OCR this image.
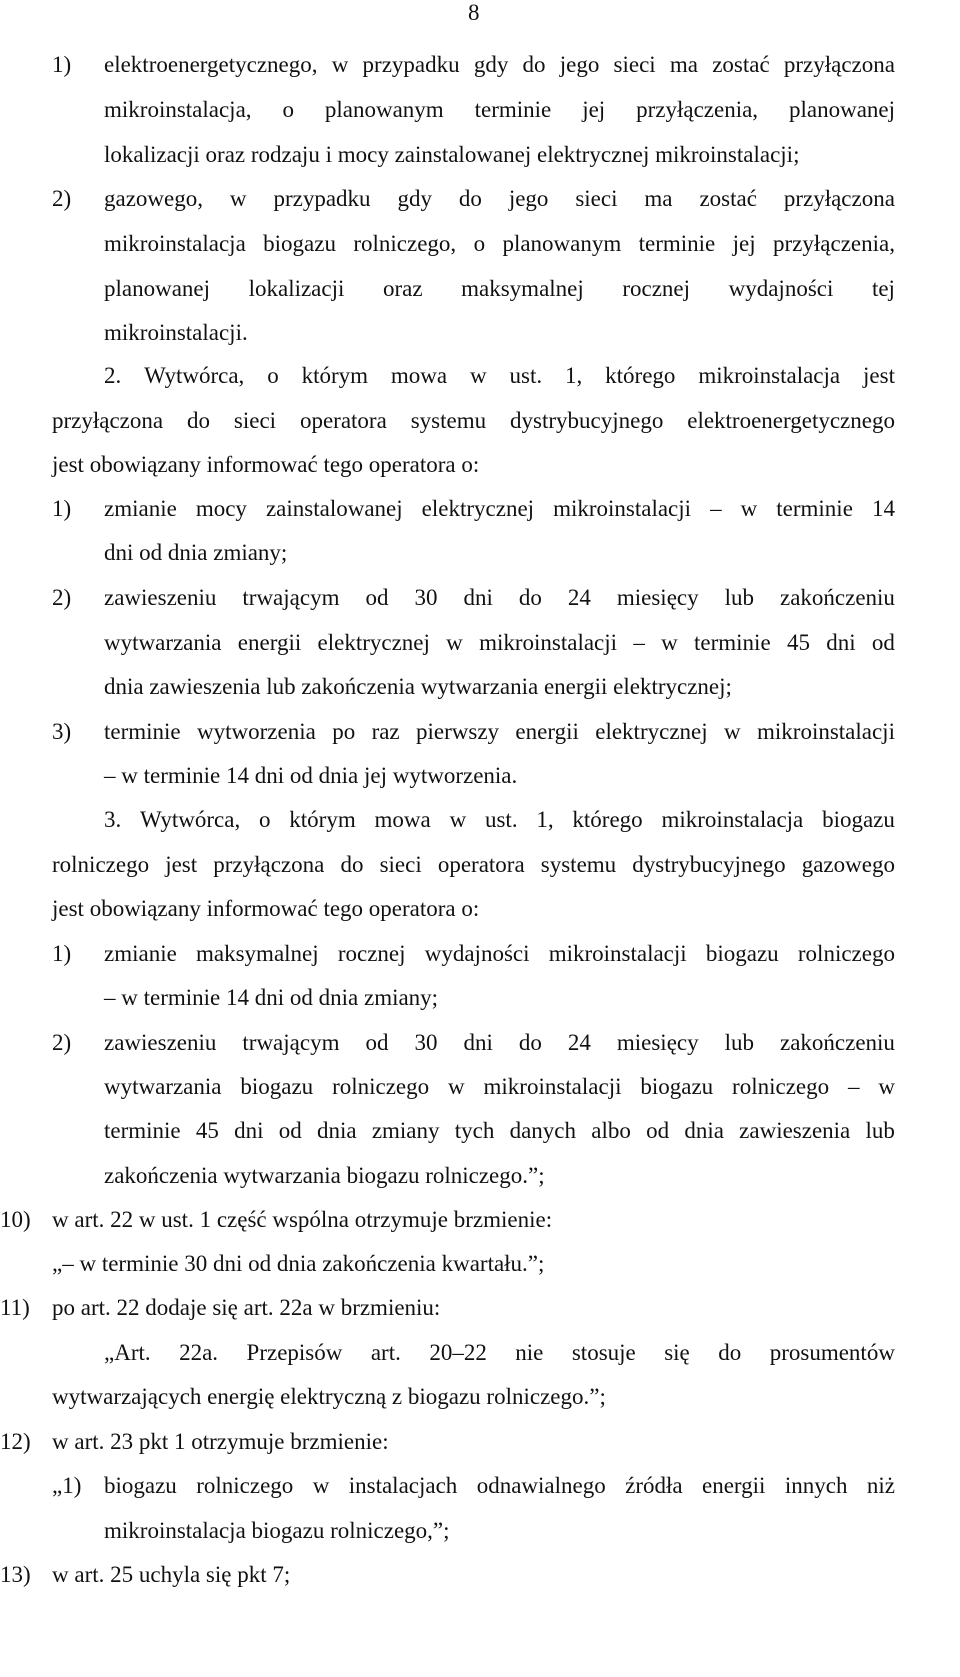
8
1) elektroenergetycznego, w przypadku gdy do jego sieci ma zostać przyłączona
mikroinstalacja, o planowanym terminie jej przyłączenia, planowanej
lokalizacji oraz rodzaju i mocy zainstalowanej elektrycznej mikroinstalacji;
2) gazowego, w przypadku gdy do jego sieci ma zostać przyłączona
mikroinstalacja biogazu rolniczego, o planowanym terminie jej przyłączenia,
planowanej lokalizacji oraz maksymalnej rocznej wydajności tej
mikroinstalacji.
2. Wytwórca, o którym mowa w ust. 1, którego mikroinstalacja jest
przyłączona do sieci operatora systemu dystrybucyjnego elektroenergetycznego
jest obowiązany informować tego operatora o:
1) zmianie mocy zainstalowanej elektrycznej mikroinstalacji – w terminie 14
dni od dnia zmiany;
2) zawieszeniu trwającym od 30 dni do 24 miesięcy lub zakończeniu
wytwarzania energii elektrycznej w mikroinstalacji – w terminie 45 dni od
dnia zawieszenia lub zakończenia wytwarzania energii elektrycznej;
3) terminie wytworzenia po raz pierwszy energii elektrycznej w mikroinstalacji
– w terminie 14 dni od dnia jej wytworzenia.
3. Wytwórca, o którym mowa w ust. 1, którego mikroinstalacja biogazu
rolniczego jest przyłączona do sieci operatora systemu dystrybucyjnego gazowego
jest obowiązany informować tego operatora o:
1) zmianie maksymalnej rocznej wydajności mikroinstalacji biogazu rolniczego
– w terminie 14 dni od dnia zmiany;
2) zawieszeniu trwającym od 30 dni do 24 miesięcy lub zakończeniu
wytwarzania biogazu rolniczego w mikroinstalacji biogazu rolniczego – w
terminie 45 dni od dnia zmiany tych danych albo od dnia zawieszenia lub
zakończenia wytwarzania biogazu rolniczego.”;
10) w art. 22 w ust. 1 część wspólna otrzymuje brzmienie:
„– w terminie 30 dni od dnia zakończenia kwartału.”;
11) po art. 22 dodaje się art. 22a w brzmieniu:
„Art. 22a. Przepisów art. 20–22 nie stosuje się do prosumentów
wytwarzających energię elektryczną z biogazu rolniczego.”;
12) w art. 23 pkt 1 otrzymuje brzmienie:
„1) biogazu rolniczego w instalacjach odnawialnego źródła energii innych niż
mikroinstalacja biogazu rolniczego,”;
13) w art. 25 uchyla się pkt 7;
